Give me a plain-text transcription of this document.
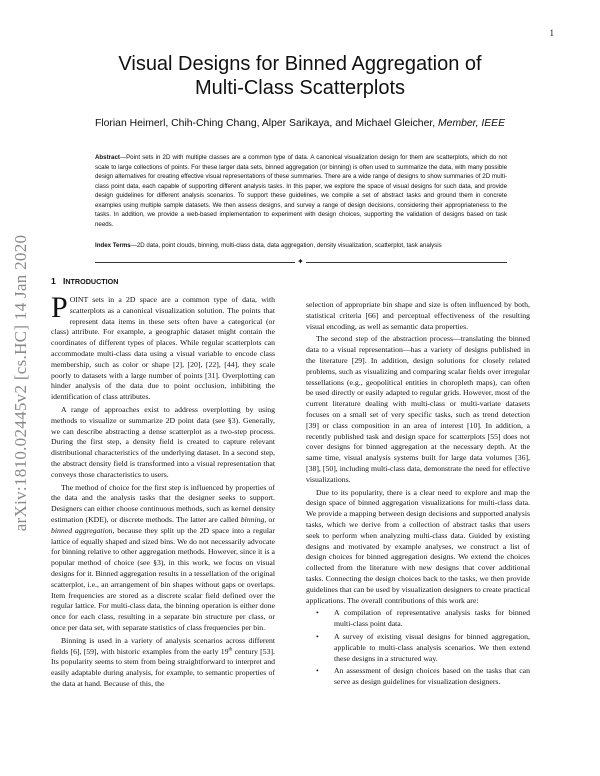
1
arXiv:1810.02445v2 [cs.HC] 14 Jan 2020
Visual Designs for Binned Aggregation of
Multi-Class Scatterplots
Florian Heimerl, Chih-Ching Chang, Alper Sarikaya, and Michael Gleicher, Member, IEEE

Abstract—Point sets in 2D with multiple classes are a common type of data. A canonical visualization design for them are scatterplots, which do not scale to large collections of points. For these larger data sets, binned aggregation (or binning) is often used to summarize the data, with many possible design alternatives for creating effective visual representations of these summaries. There are a wide range of designs to show summaries of 2D multi-class point data, each capable of supporting different analysis tasks. In this paper, we explore the space of visual designs for such data, and provide design guidelines for different analysis scenarios. To support these guidelines, we compile a set of abstract tasks and ground them in concrete examples using multiple sample datasets. We then assess designs, and survey a range of design decisions, considering their appropriateness to the tasks. In addition, we provide a web-based implementation to experiment with design choices, supporting the validation of designs based on task needs.

Index Terms—2D data, point clouds, binning, multi-class data, data aggregation, density visualization, scatterplot, task analysis

✦
1 INTRODUCTION

POINT sets in a 2D space are a common type of data, with scatterplots as a canonical visualization solution. The points that represent data items in these sets often have a categorical (or class) attribute. For example, a geographic dataset might contain the coordinates of different types of places. While regular scatterplots can accommodate multi-class data using a visual variable to encode class membership, such as color or shape [2], [20], [22], [44], they scale poorly to datasets with a large number of points [31]. Overplotting can hinder analysis of the data due to point occlusion, inhibiting the identification of class attributes.

A range of approaches exist to address overplotting by using methods to visualize or summarize 2D point data (see §3). Generally, we can describe abstracting a dense scatterplot as a two-step process. During the first step, a density field is created to capture relevant distributional characteristics of the underlying dataset. In a second step, the abstract density field is transformed into a visual representation that conveys those characteristics to users.

The method of choice for the first step is influenced by properties of the data and the analysis tasks that the designer seeks to support. Designers can either choose continuous methods, such as kernel density estimation (KDE), or discrete methods. The latter are called binning, or binned aggregation, because they split up the 2D space into a regular lattice of equally shaped and sized bins. We do not necessarily advocate for binning relative to other aggregation methods. However, since it is a popular method of choice (see §3), in this work, we focus on visual designs for it. Binned aggregation results in a tessellation of the original scatterplot, i.e., an arrangement of bin shapes without gaps or overlaps. Item frequencies are stored as a discrete scalar field defined over the regular lattice. For multi-class data, the binning operation is either done once for each class, resulting in a separate bin structure per class, or once per data set, with separate statistics of class frequencies per bin.

Binning is used in a variety of analysis scenarios across different fields [6], [59], with historic examples from the early 19th century [53]. Its popularity seems to stem from being straightforward to interpret and easily adaptable during analysis, for example, to semantic properties of the data at hand. Because of this, the

selection of appropriate bin shape and size is often influenced by both, statistical criteria [66] and perceptual effectiveness of the resulting visual encoding, as well as semantic data properties.

The second step of the abstraction process—translating the binned data to a visual representation—has a variety of designs published in the literature [29]. In addition, design solutions for closely related problems, such as visualizing and comparing scalar fields over irregular tessellations (e.g., geopolitical entities in choropleth maps), can often be used directly or easily adapted to regular grids. However, most of the current literature dealing with multi-class or multi-variate datasets focuses on a small set of very specific tasks, such as trend detection [39] or class composition in an area of interest [10]. In addition, a recently published task and design space for scatterplots [55] does not cover designs for binned aggregation at the necessary depth. At the same time, visual analysis systems built for large data volumes [36], [38], [50], including multi-class data, demonstrate the need for effective visualizations.

Due to its popularity, there is a clear need to explore and map the design space of binned aggregation visualizations for multi-class data. We provide a mapping between design decisions and supported analysis tasks, which we derive from a collection of abstract tasks that users seek to perform when analyzing multi-class data. Guided by existing designs and motivated by example analyses, we construct a list of design choices for binned aggregation designs. We extend the choices collected from the literature with new designs that cover additional tasks. Connecting the design choices back to the tasks, we then provide guidelines that can be used by visualization designers to create practical applications. The overall contributions of this work are:

• A compilation of representative analysis tasks for binned multi-class point data.
• A survey of existing visual designs for binned aggregation, applicable to multi-class analysis scenarios. We then extend these designs in a structured way.
• An assessment of design choices based on the tasks that can serve as design guidelines for visualization designers.
